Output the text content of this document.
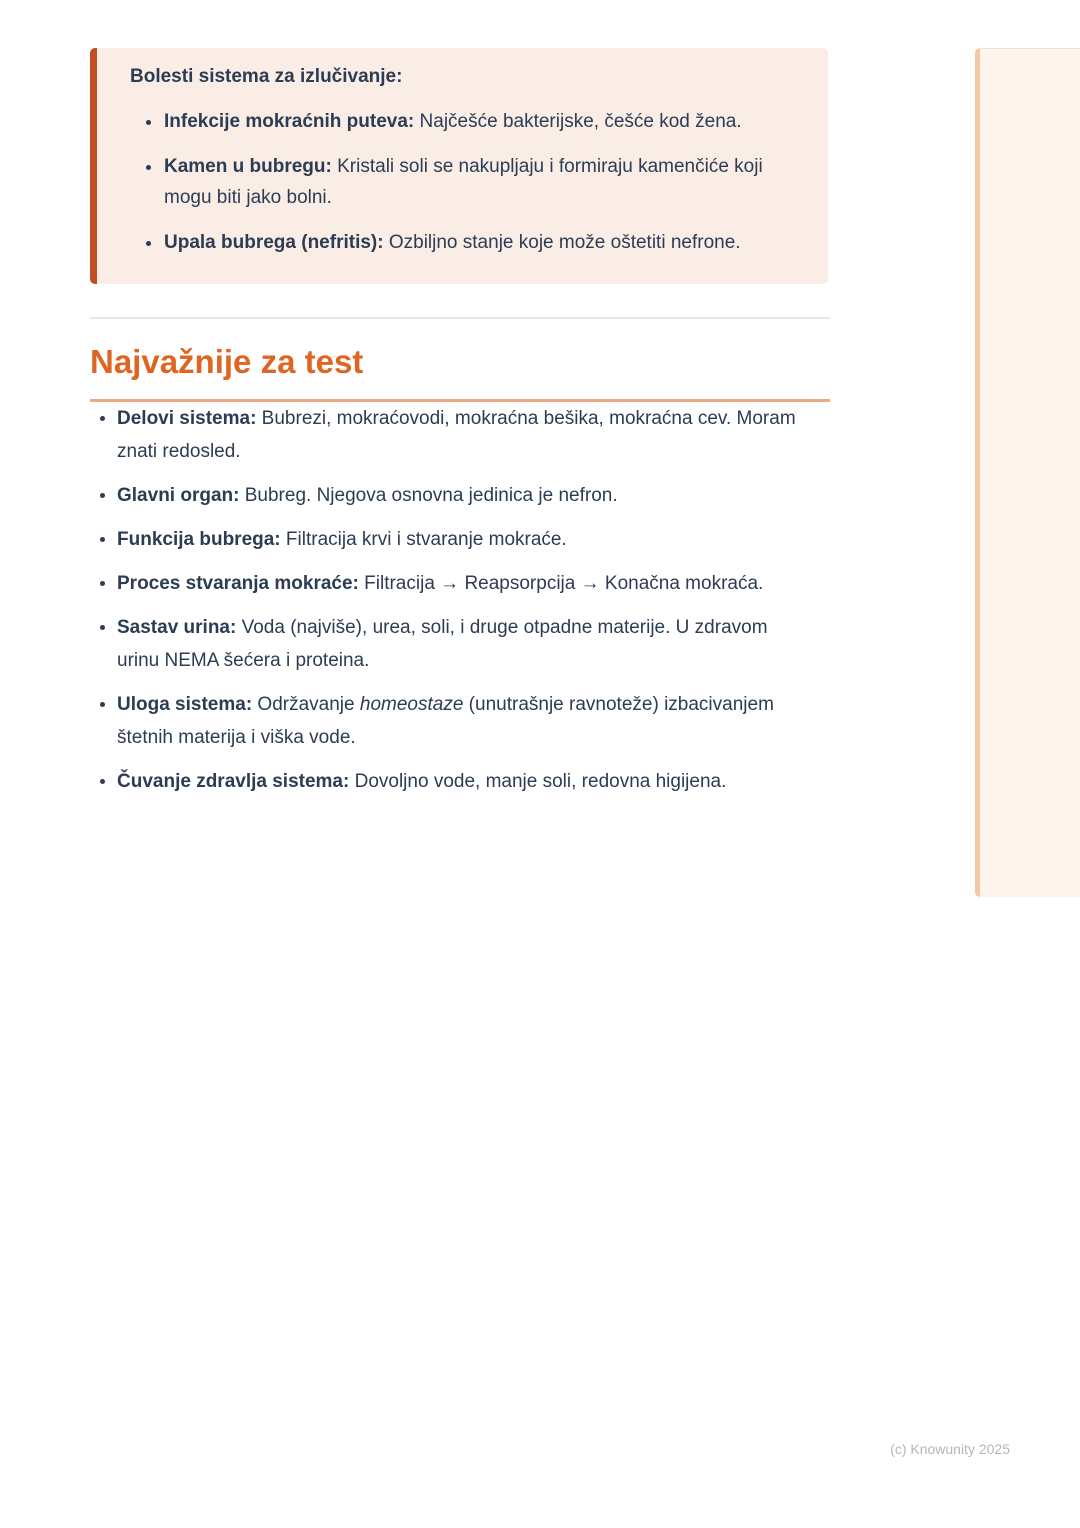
Bolesti sistema za izlučivanje:
Infekcije mokraćnih puteva: Najčešće bakterijske, češće kod žena.
Kamen u bubregu: Kristali soli se nakupljaju i formiraju kamenčiće koji mogu biti jako bolni.
Upala bubrega (nefritis): Ozbiljno stanje koje može oštetiti nefrone.
Najvažnije za test
Delovi sistema: Bubrezi, mokraćovodi, mokraćna bešika, mokraćna cev. Moram znati redosled.
Glavni organ: Bubreg. Njegova osnovna jedinica je nefron.
Funkcija bubrega: Filtracija krvi i stvaranje mokraće.
Proces stvaranja mokraće: Filtracija → Reapsorpcija → Konačna mokraća.
Sastav urina: Voda (najviše), urea, soli, i druge otpadne materije. U zdravom urinu NEMA šećera i proteina.
Uloga sistema: Održavanje homeostaze (unutrašnje ravnoteže) izbacivanjem štetnih materija i viška vode.
Čuvanje zdravlja sistema: Dovoljno vode, manje soli, redovna higijena.
(c) Knowunity 2025
